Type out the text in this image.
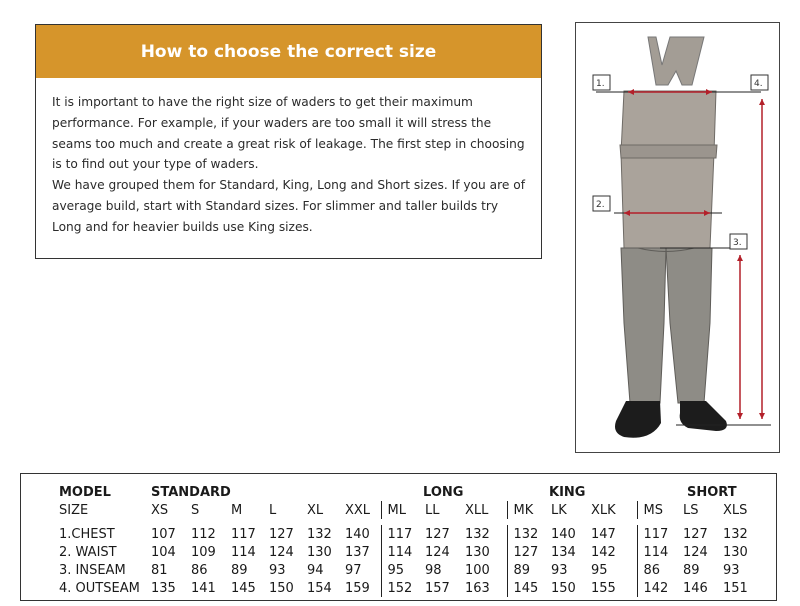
How to choose the correct size

It is important to have the right size of waders to get their maximum performance. For example, if your waders are too small it will stress the seams too much and create a great risk of leakage. The first step in choosing is to find out your type of waders.

We have grouped them for Standard, King, Long and Short sizes. If you are of average build, start with Standard sizes. For slimmer and taller builds try Long and for heavier builds use King sizes.

1.
2.
3.
4.
MODEL	STANDARD						LONG			KING			SHORT		
SIZE	XS	S	M	L	XL	XXL	ML	LL	XLL	MK	LK	XLK	MS	LS	XLS

1.CHEST	107	112	117	127	132	140	117	127	132	132	140	147	117	127	132
2. WAIST	104	109	114	124	130	137	114	124	130	127	134	142	114	124	130
3. INSEAM	81	86	89	93	94	97	95	98	100	89	93	95	86	89	93
4. OUTSEAM	135	141	145	150	154	159	152	157	163	145	150	155	142	146	151
